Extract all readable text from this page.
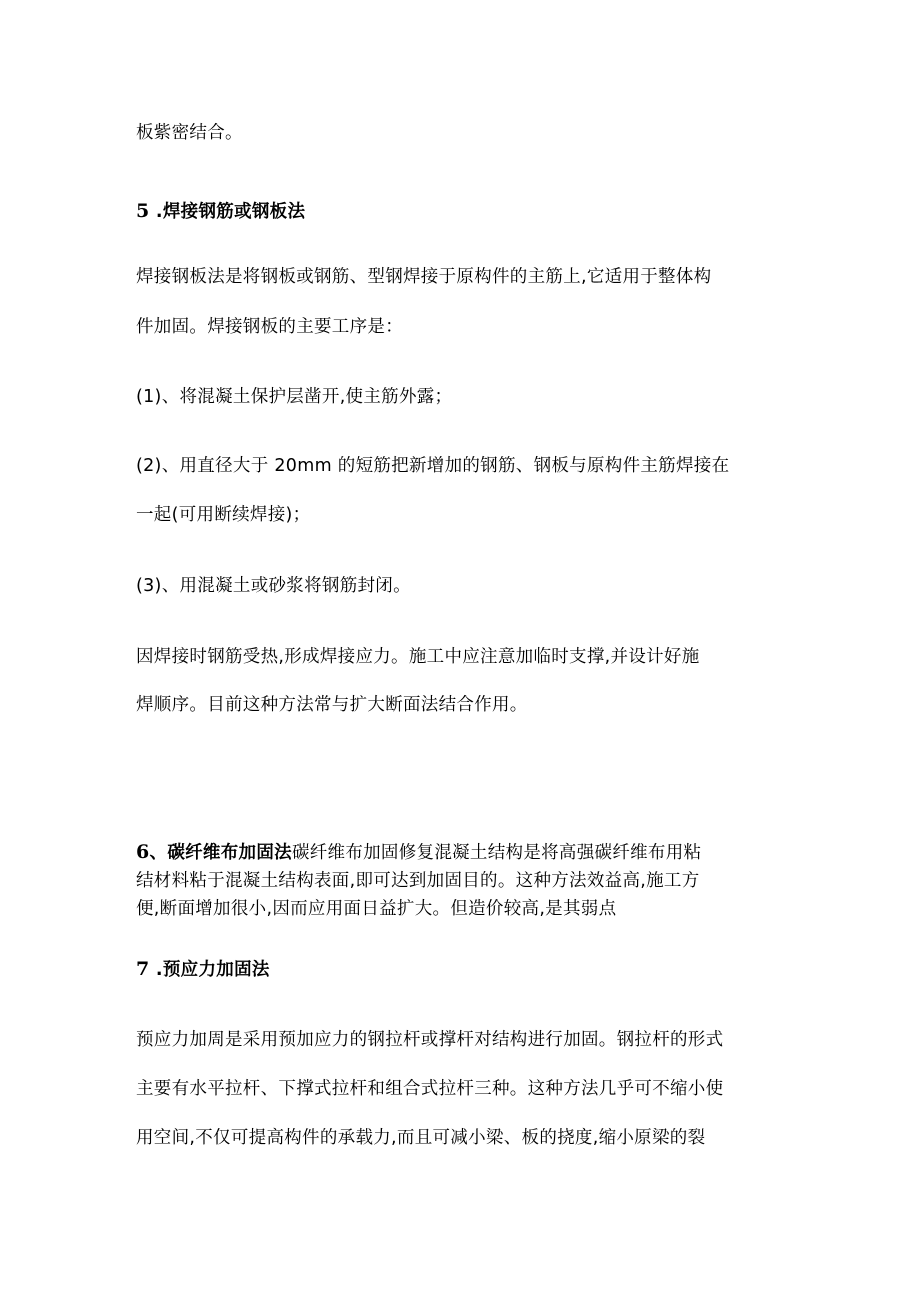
板紫密结合。
5 .焊接钢筋或钢板法
焊接钢板法是将钢板或钢筋、型钢焊接于原构件的主筋上,它适用于整体构
件加固。焊接钢板的主要工序是：
(1)、将混凝土保护层凿开,使主筋外露；
(2)、用直径大于 20mm 的短筋把新增加的钢筋、钢板与原构件主筋焊接在
一起(可用断续焊接)；
(3)、用混凝土或砂浆将钢筋封闭。
因焊接时钢筋受热,形成焊接应力。施工中应注意加临时支撑,并设计好施
焊顺序。目前这种方法常与扩大断面法结合作用。
6、碳纤维布加固法碳纤维布加固修复混凝土结构是将高强碳纤维布用粘
结材料粘于混凝土结构表面,即可达到加固目的。这种方法效益高,施工方
便,断面增加很小,因而应用面日益扩大。但造价较高,是其弱点
7 .预应力加固法
预应力加周是采用预加应力的钢拉杆或撑杆对结构进行加固。钢拉杆的形式
主要有水平拉杆、下撑式拉杆和组合式拉杆三种。这种方法几乎可不缩小使
用空间,不仅可提高构件的承载力,而且可减小梁、板的挠度,缩小原梁的裂
